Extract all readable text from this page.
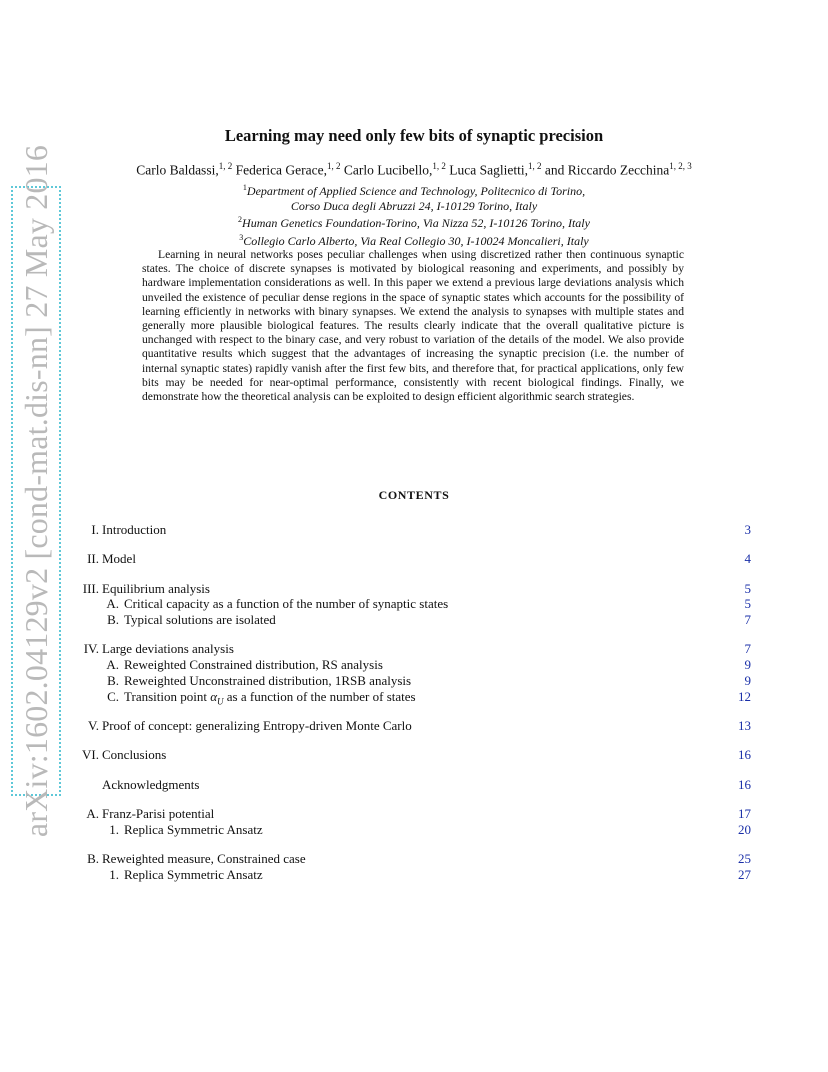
arXiv:1602.04129v2 [cond-mat.dis-nn] 27 May 2016
Learning may need only few bits of synaptic precision
Carlo Baldassi,$^{1, 2}$ Federica Gerace,$^{1, 2}$ Carlo Lucibello,$^{1, 2}$ Luca Saglietti,$^{1, 2}$ and Riccardo Zecchina$^{1, 2, 3}$
$^1$Department of Applied Science and Technology, Politecnico di Torino,
Corso Duca degli Abruzzi 24, I-10129 Torino, Italy
$^2$Human Genetics Foundation-Torino, Via Nizza 52, I-10126 Torino, Italy
$^3$Collegio Carlo Alberto, Via Real Collegio 30, I-10024 Moncalieri, Italy
Learning in neural networks poses peculiar challenges when using discretized rather then continuous synaptic states. The choice of discrete synapses is motivated by biological reasoning and experiments, and possibly by hardware implementation considerations as well. In this paper we extend a previous large deviations analysis which unveiled the existence of peculiar dense regions in the space of synaptic states which accounts for the possibility of learning efficiently in networks with binary synapses. We extend the analysis to synapses with multiple states and generally more plausible biological features. The results clearly indicate that the overall qualitative picture is unchanged with respect to the binary case, and very robust to variation of the details of the model. We also provide quantitative results which suggest that the advantages of increasing the synaptic precision (i.e. the number of internal synaptic states) rapidly vanish after the first few bits, and therefore that, for practical applications, only few bits may be needed for near-optimal performance, consistently with recent biological findings. Finally, we demonstrate how the theoretical analysis can be exploited to design efficient algorithmic search strategies.
CONTENTS
I. Introduction	3
II. Model	4
III. Equilibrium analysis	5
A. Critical capacity as a function of the number of synaptic states	5
B. Typical solutions are isolated	7
IV. Large deviations analysis	7
A. Reweighted Constrained distribution, RS analysis	9
B. Reweighted Unconstrained distribution, 1RSB analysis	9
C. Transition point $\alpha_U$ as a function of the number of states	12
V. Proof of concept: generalizing Entropy-driven Monte Carlo	13
VI. Conclusions	16
Acknowledgments	16
A. Franz-Parisi potential	17
1. Replica Symmetric Ansatz	20
B. Reweighted measure, Constrained case	25
1. Replica Symmetric Ansatz	27
